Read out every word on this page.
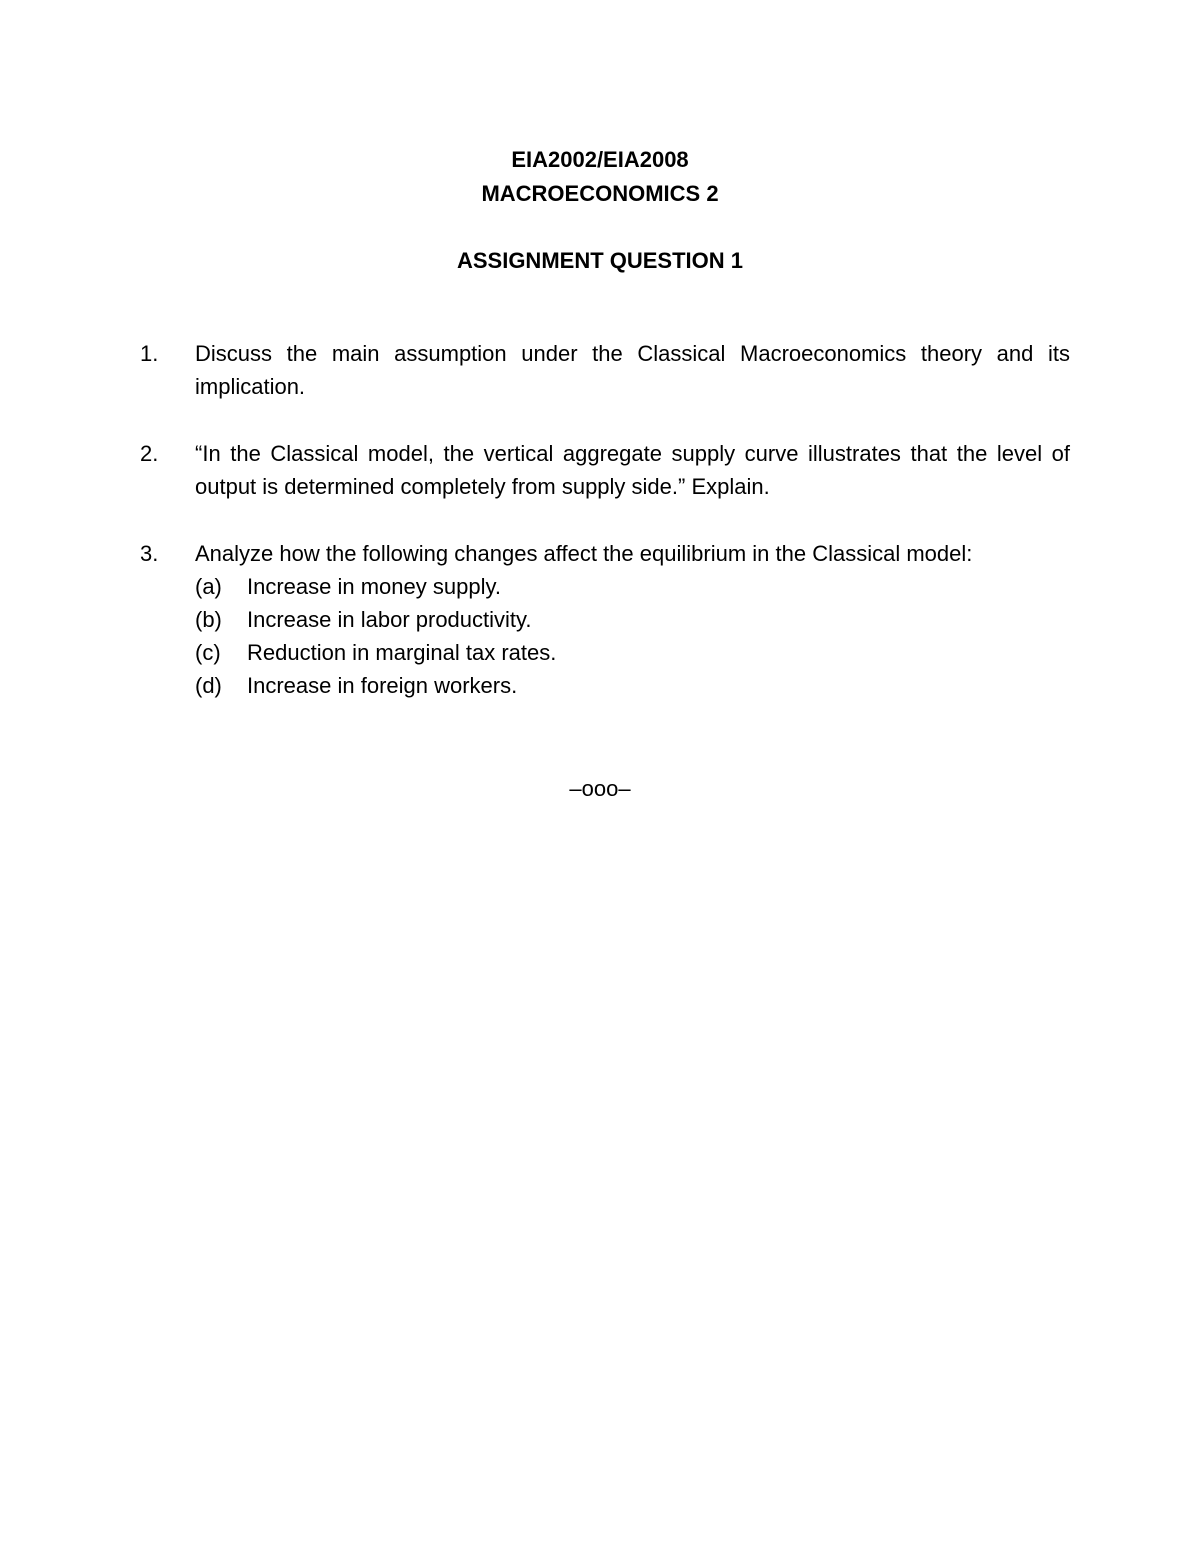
EIA2002/EIA2008
MACROECONOMICS 2
ASSIGNMENT QUESTION 1
1.	Discuss the main assumption under the Classical Macroeconomics theory and its implication.
2.	“In the Classical model, the vertical aggregate supply curve illustrates that the level of output is determined completely from supply side.” Explain.
3.	Analyze how the following changes affect the equilibrium in the Classical model:
(a)	Increase in money supply.
(b)	Increase in labor productivity.
(c)	Reduction in marginal tax rates.
(d)	Increase in foreign workers.
–ooo–
